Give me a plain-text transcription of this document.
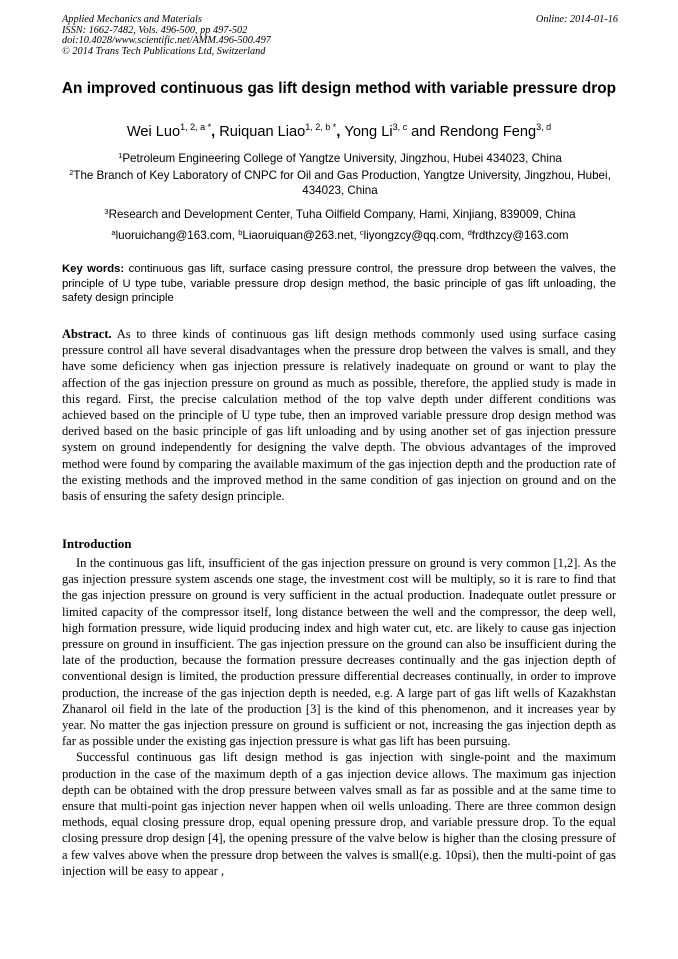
Applied Mechanics and Materials
ISSN: 1662-7482, Vols. 496-500, pp 497-502
doi:10.4028/www.scientific.net/AMM.496-500.497
© 2014 Trans Tech Publications Ltd, Switzerland
Online: 2014-01-16
An improved continuous gas lift design method with variable pressure drop
Wei Luo$^{1, 2, a *}$, Ruiquan Liao$^{1, 2, b *}$, Yong Li$^{3, c}$ and Rendong Feng$^{3, d}$
$^1$Petroleum Engineering College of Yangtze University, Jingzhou, Hubei 434023, China
$^2$The Branch of Key Laboratory of CNPC for Oil and Gas Production, Yangtze University, Jingzhou, Hubei, 434023, China
$^3$Research and Development Center, Tuha Oilfield Company, Hami, Xinjiang, 839009, China
$^a$luoruichang@163.com, $^b$Liaoruiquan@263.net, $^c$liyongzcy@qq.com, $^d$frdthzcy@163.com
Key words: continuous gas lift, surface casing pressure control, the pressure drop between the valves, the principle of U type tube, variable pressure drop design method, the basic principle of gas lift unloading, the safety design principle
Abstract. As to three kinds of continuous gas lift design methods commonly used using surface casing pressure control all have several disadvantages when the pressure drop between the valves is small, and they have some deficiency when gas injection pressure is relatively inadequate on ground or want to play the affection of the gas injection pressure on ground as much as possible, therefore, the applied study is made in this regard. First, the precise calculation method of the top valve depth under different conditions was achieved based on the principle of U type tube, then an improved variable pressure drop design method was derived based on the basic principle of gas lift unloading and by using another set of gas injection pressure system on ground independently for designing the valve depth. The obvious advantages of the improved method were found by comparing the available maximum of the gas injection depth and the production rate of the existing methods and the improved method in the same condition of gas injection on ground and on the basis of ensuring the safety design principle.
Introduction

In the continuous gas lift, insufficient of the gas injection pressure on ground is very common [1,2]. As the gas injection pressure system ascends one stage, the investment cost will be multiply, so it is rare to find that the gas injection pressure on ground is very sufficient in the actual production. Inadequate outlet pressure or limited capacity of the compressor itself, long distance between the well and the compressor, the deep well, high formation pressure, wide liquid producing index and high water cut, etc. are likely to cause gas injection pressure on ground in insufficient. The gas injection pressure on the ground can also be insufficient during the late of the production, because the formation pressure decreases continually and the gas injection depth of conventional design is limited, the production pressure differential decreases continually, in order to improve production, the increase of the gas injection depth is needed, e.g. A large part of gas lift wells of Kazakhstan Zhanarol oil field in the late of the production [3] is the kind of this phenomenon, and it increases year by year. No matter the gas injection pressure on ground is sufficient or not, increasing the gas injection depth as far as possible under the existing gas injection pressure is what gas lift has been pursuing.

Successful continuous gas lift design method is gas injection with single-point and the maximum production in the case of the maximum depth of a gas injection device allows. The maximum gas injection depth can be obtained with the drop pressure between valves small as far as possible and at the same time to ensure that multi-point gas injection never happen when oil wells unloading. There are three common design methods, equal closing pressure drop, equal opening pressure drop, and variable pressure drop. To the equal closing pressure drop design [4], the opening pressure of the valve below is higher than the closing pressure of a few valves above when the pressure drop between the valves is small(e.g. 10psi), then the multi-point of gas injection will be easy to appear ,
